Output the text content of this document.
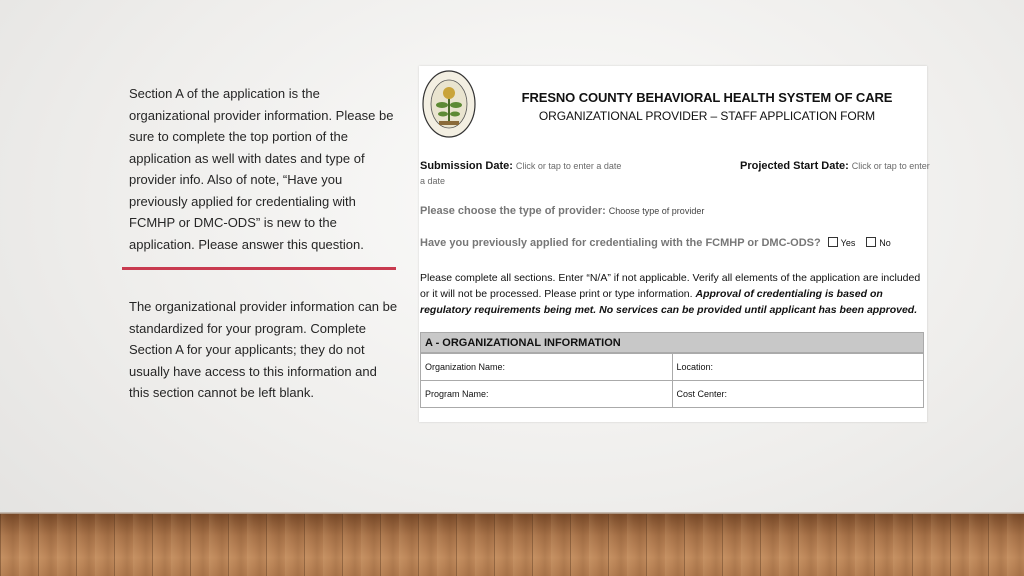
Section A of the application is the organizational provider information. Please be sure to complete the top portion of the application as well with dates and type of provider info. Also of note, “Have you previously applied for credentialing with FCMHP or DMC-ODS” is new to the application. Please answer this question.
The organizational provider information can be standardized for your program. Complete Section A for your applicants; they do not usually have access to this information and this section cannot be left blank.
FRESNO COUNTY BEHAVIORAL HEALTH SYSTEM OF CARE
ORGANIZATIONAL PROVIDER – STAFF APPLICATION FORM
Submission Date: Click or tap to enter a date
a date
Projected Start Date: Click or tap to enter
Please choose the type of provider: Choose type of provider
Have you previously applied for credentialing with the FCMHP or DMC-ODS? Yes	No
Please complete all sections. Enter “N/A” if not applicable. Verify all elements of the application are included or it will not be processed. Please print or type information. Approval of credentialing is based on regulatory requirements being met. No services can be provided until applicant has been approved.
A - ORGANIZATIONAL INFORMATION
Organization Name:	Location:
Program Name:	Cost Center:
